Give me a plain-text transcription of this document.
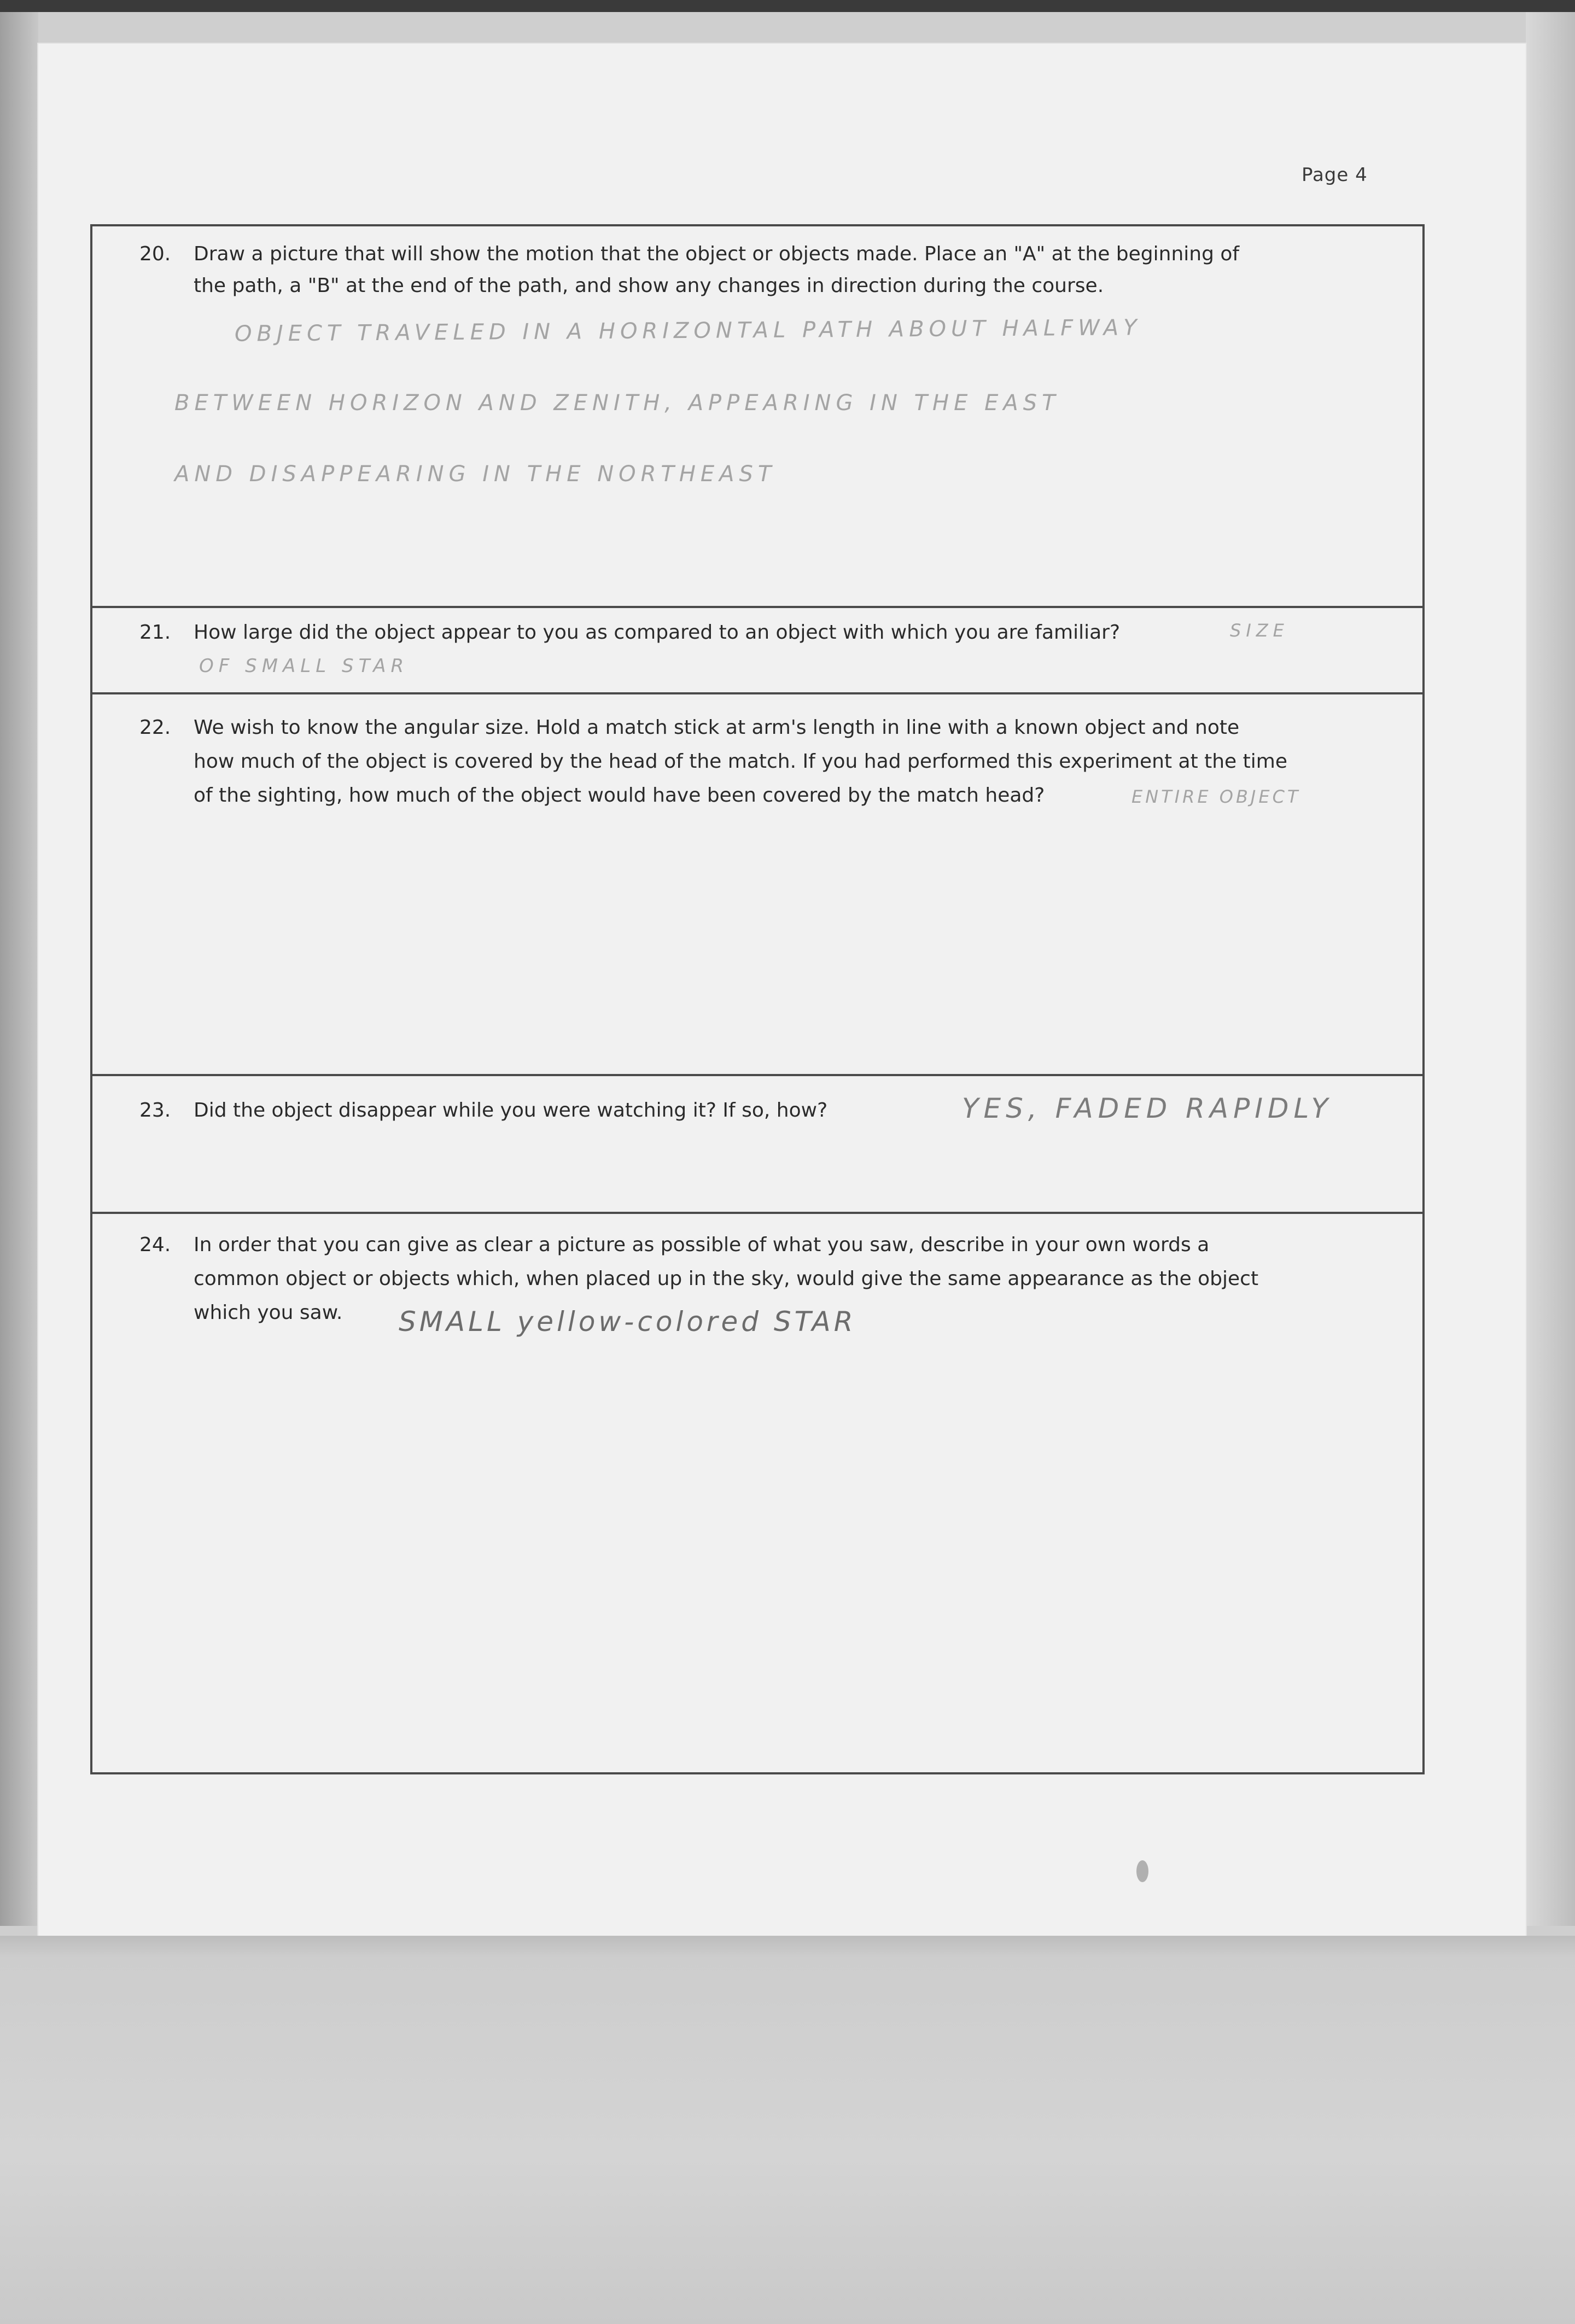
Page 4
20. Draw a picture that will show the motion that the object or objects made. Place an "A" at the beginning of
the path, a "B" at the end of the path, and show any changes in direction during the course.
OBJECT TRAVELED IN A HORIZONTAL PATH ABOUT HALFWAY
BETWEEN HORIZON AND ZENITH, APPEARING IN THE EAST
AND DISAPPEARING IN THE NORTHEAST
21. How large did the object appear to you as compared to an object with which you are familiar?	SIZE
OF SMALL STAR
22. We wish to know the angular size. Hold a match stick at arm's length in line with a known object and note
how much of the object is covered by the head of the match. If you had performed this experiment at the time
of the sighting, how much of the object would have been covered by the match head?	ENTIRE OBJECT
23. Did the object disappear while you were watching it? If so, how?	YES, FADED RAPIDLY
24. In order that you can give as clear a picture as possible of what you saw, describe in your own words a
common object or objects which, when placed up in the sky, would give the same appearance as the object
which you saw. SMALL yellow-colored STAR
